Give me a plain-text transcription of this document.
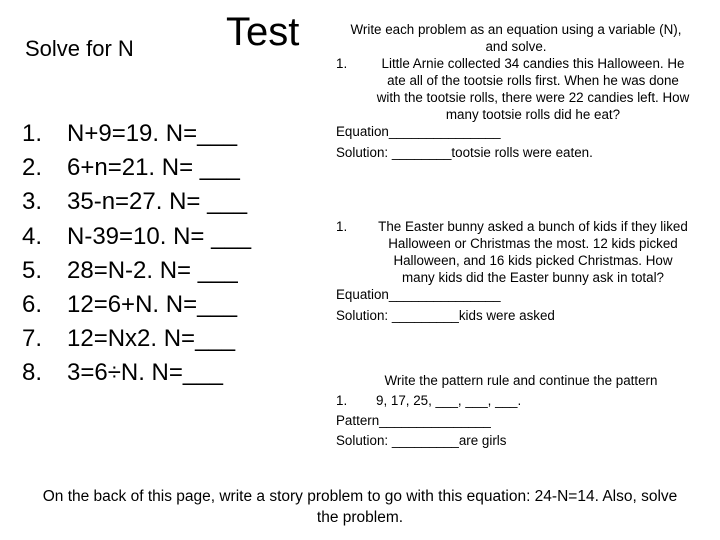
Solve for N Test
1. N+9=19. N=___
2. 6+n=21. N= ___
3. 35-n=27. N= ___
4. N-39=10. N= ___
5. 28=N-2. N= ___
6. 12=6+N. N=___
7. 12=Nx2. N=___
8. 3=6÷N. N=___
Write each problem as an equation using a variable (N), and solve.
1.	Little Arnie collected 34 candies this Halloween. He ate all of the tootsie rolls first. When he was done with the tootsie rolls, there were 22 candies left. How many tootsie rolls did he eat?
Equation_______________
Solution: ________tootsie rolls were eaten.
1.	The Easter bunny asked a bunch of kids if they liked Halloween or Christmas the most. 12 kids picked Halloween, and 16 kids picked Christmas. How many kids did the Easter bunny ask in total?
Equation_______________
Solution: _________kids were asked
Write the pattern rule and continue the pattern
1.	9, 17, 25, ___, ___, ___.
Pattern_______________
Solution: _________are girls
On the back of this page, write a story problem to go with this equation: 24-N=14. Also, solve the problem.
